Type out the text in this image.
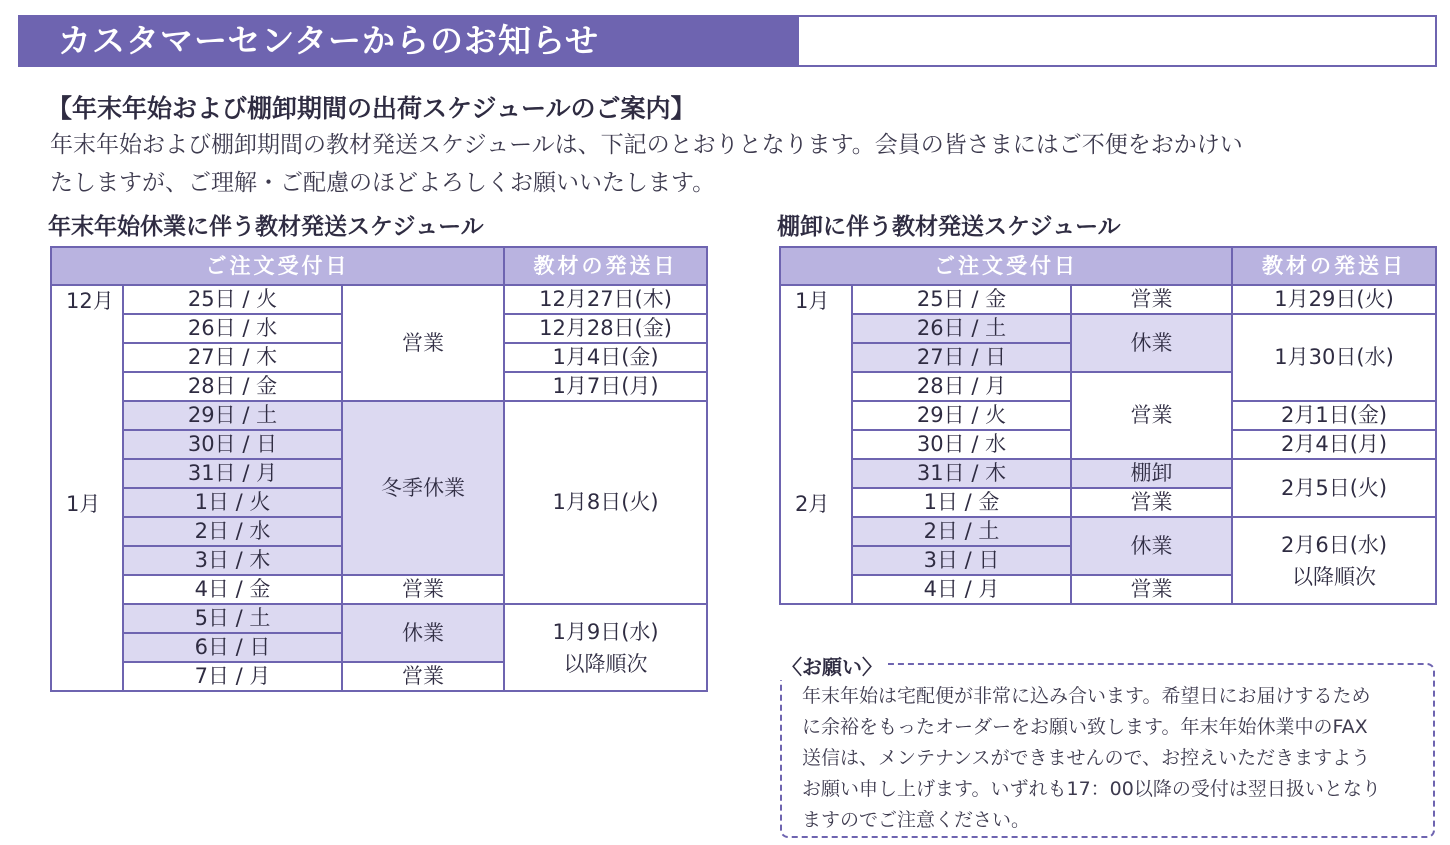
カスタマーセンターからのお知らせ
【年末年始および棚卸期間の出荷スケジュールのご案内】

年末年始および棚卸期間の教材発送スケジュールは、下記のとおりとなります。会員の皆さまにはご不便をおかけい

たしますが、ご理解・ご配慮のほどよろしくお願いいたします。

年末年始休業に伴う教材発送スケジュール
ご注文受付日			教材の発送日
12月	25日 / 火	営業	12月27日(木)
	26日 / 水		12月28日(金)
	27日 / 木		1月4日(金)
	28日 / 金		1月7日(月)
	29日 / 土	冬季休業	1月8日(火)
	30日 / 日		
	31日 / 月		
1月	1日 / 火		
	2日 / 水		
	3日 / 木		
	4日 / 金	営業	
	5日 / 土	休業	1月9日(水)
以降順次

	6日 / 日		
	7日 / 月	営業	
棚卸に伴う教材発送スケジュール
ご注文受付日			教材の発送日
1月	25日 / 金	営業	1月29日(火)
	26日 / 土	休業	1月30日(水)
	27日 / 日		
	28日 / 月	営業	
	29日 / 火		2月1日(金)
	30日 / 水		2月4日(月)
	31日 / 木	棚卸	2月5日(火)
2月	1日 / 金	営業	
	2日 / 土	休業	2月6日(水)
以降順次

	3日 / 日		
	4日 / 月	営業	
〈お願い〉

年末年始は宅配便が非常に込み合います。希望日にお届けするため

に余裕をもったオーダーをお願い致します。年末年始休業中のFAX

送信は、メンテナンスができませんので、お控えいただきますよう

お願い申し上げます。いずれも17：00以降の受付は翌日扱いとなり

ますのでご注意ください。
